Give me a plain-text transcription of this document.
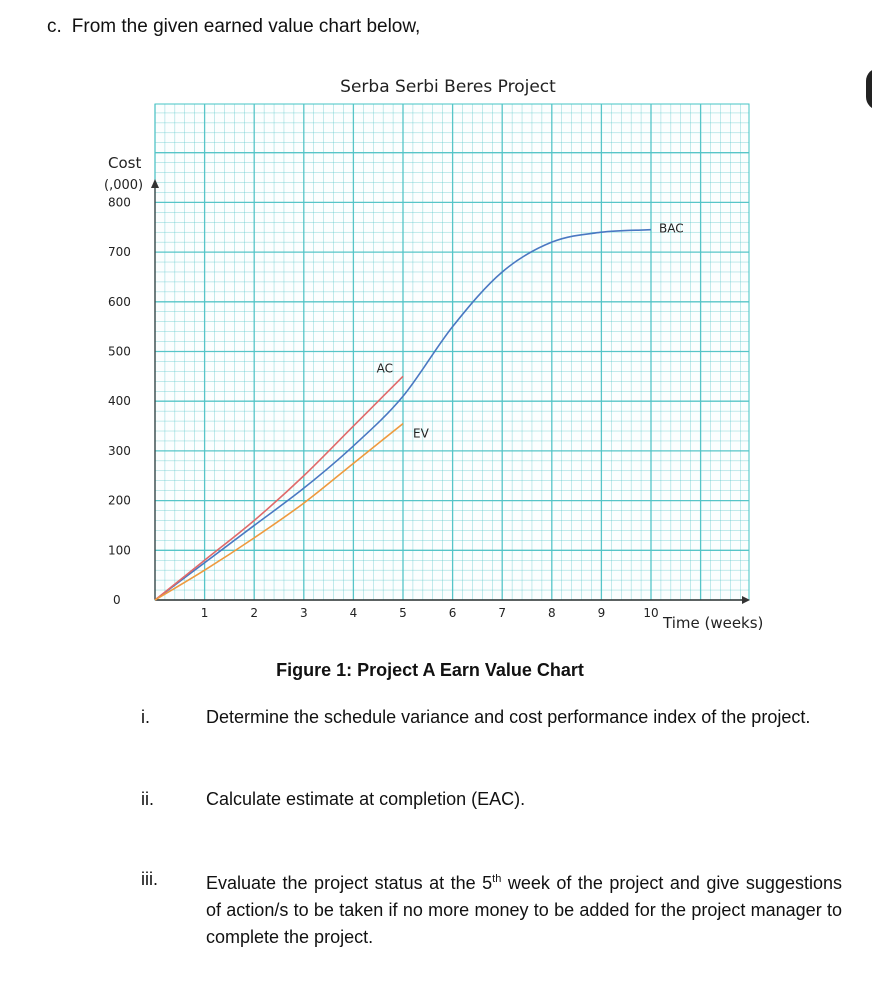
c. From the given earned value chart below,
0
100
200
300
400
500
600
700
800
1	2	3	4	5	6	7	8	9	10
BAC
AC
EV
Serba Serbi Beres Project
Cost
(,000)
Time (weeks)
Figure 1: Project A Earn Value Chart
i.	Determine the schedule variance and cost performance index of the project.
ii.	Calculate estimate at completion (EAC).
iii.	Evaluate the project status at the 5th week of the project and give suggestions of action/s to be taken if no more money to be added for the project manager to complete the project.
